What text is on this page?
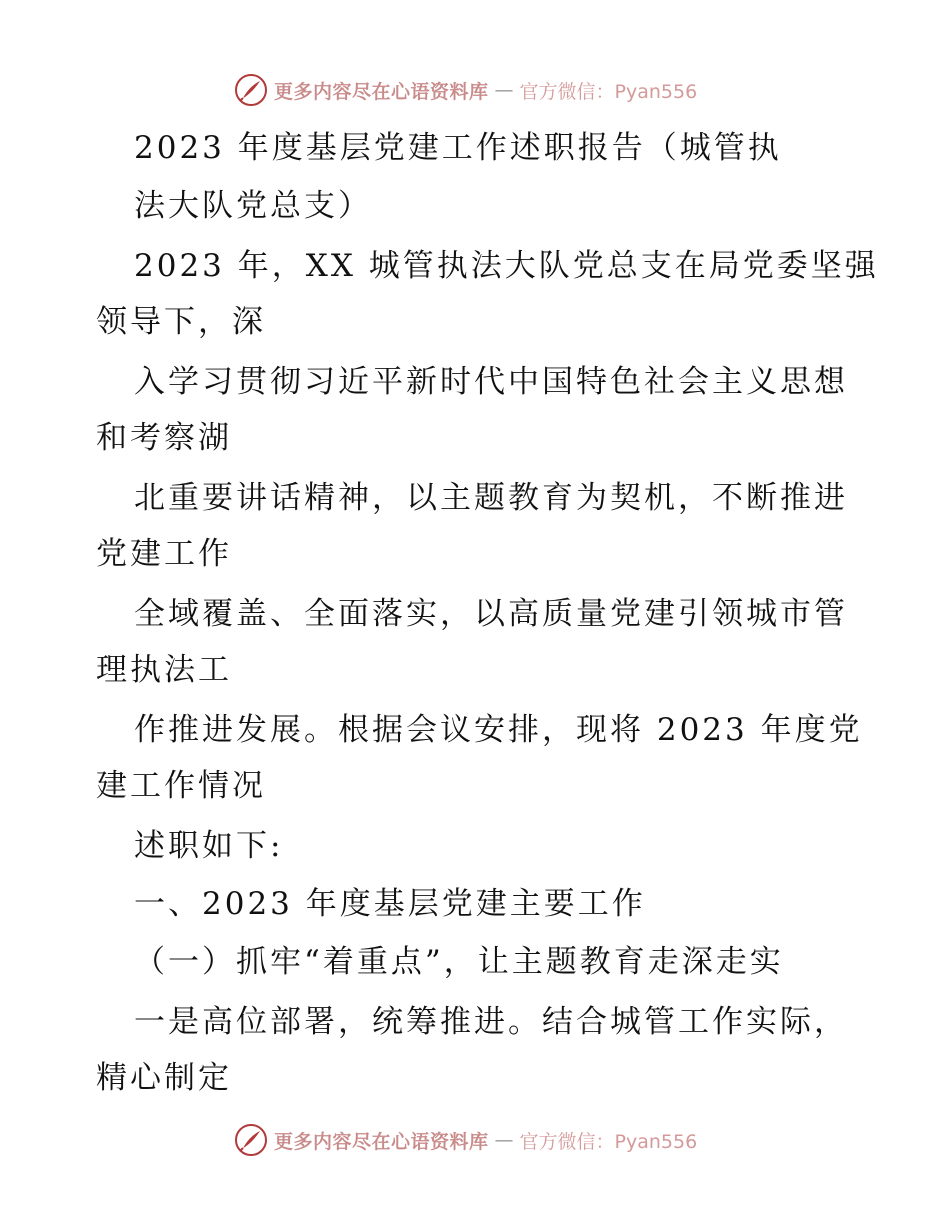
更多内容尽在心语资料库 — 官方微信：Pyan556
2023 年度基层党建工作述职报告（城管执
法大队党总支）
2023 年，XX 城管执法大队党总支在局党委坚强
领导下，深
入学习贯彻习近平新时代中国特色社会主义思想
和考察湖
北重要讲话精神，以主题教育为契机，不断推进
党建工作
全域覆盖、全面落实，以高质量党建引领城市管
理执法工
作推进发展。根据会议安排，现将 2023 年度党
建工作情况
述职如下:
一、2023 年度基层党建主要工作
（一）抓牢“着重点”，让主题教育走深走实
一是高位部署，统筹推进。结合城管工作实际，
精心制定
更多内容尽在心语资料库 — 官方微信：Pyan556
